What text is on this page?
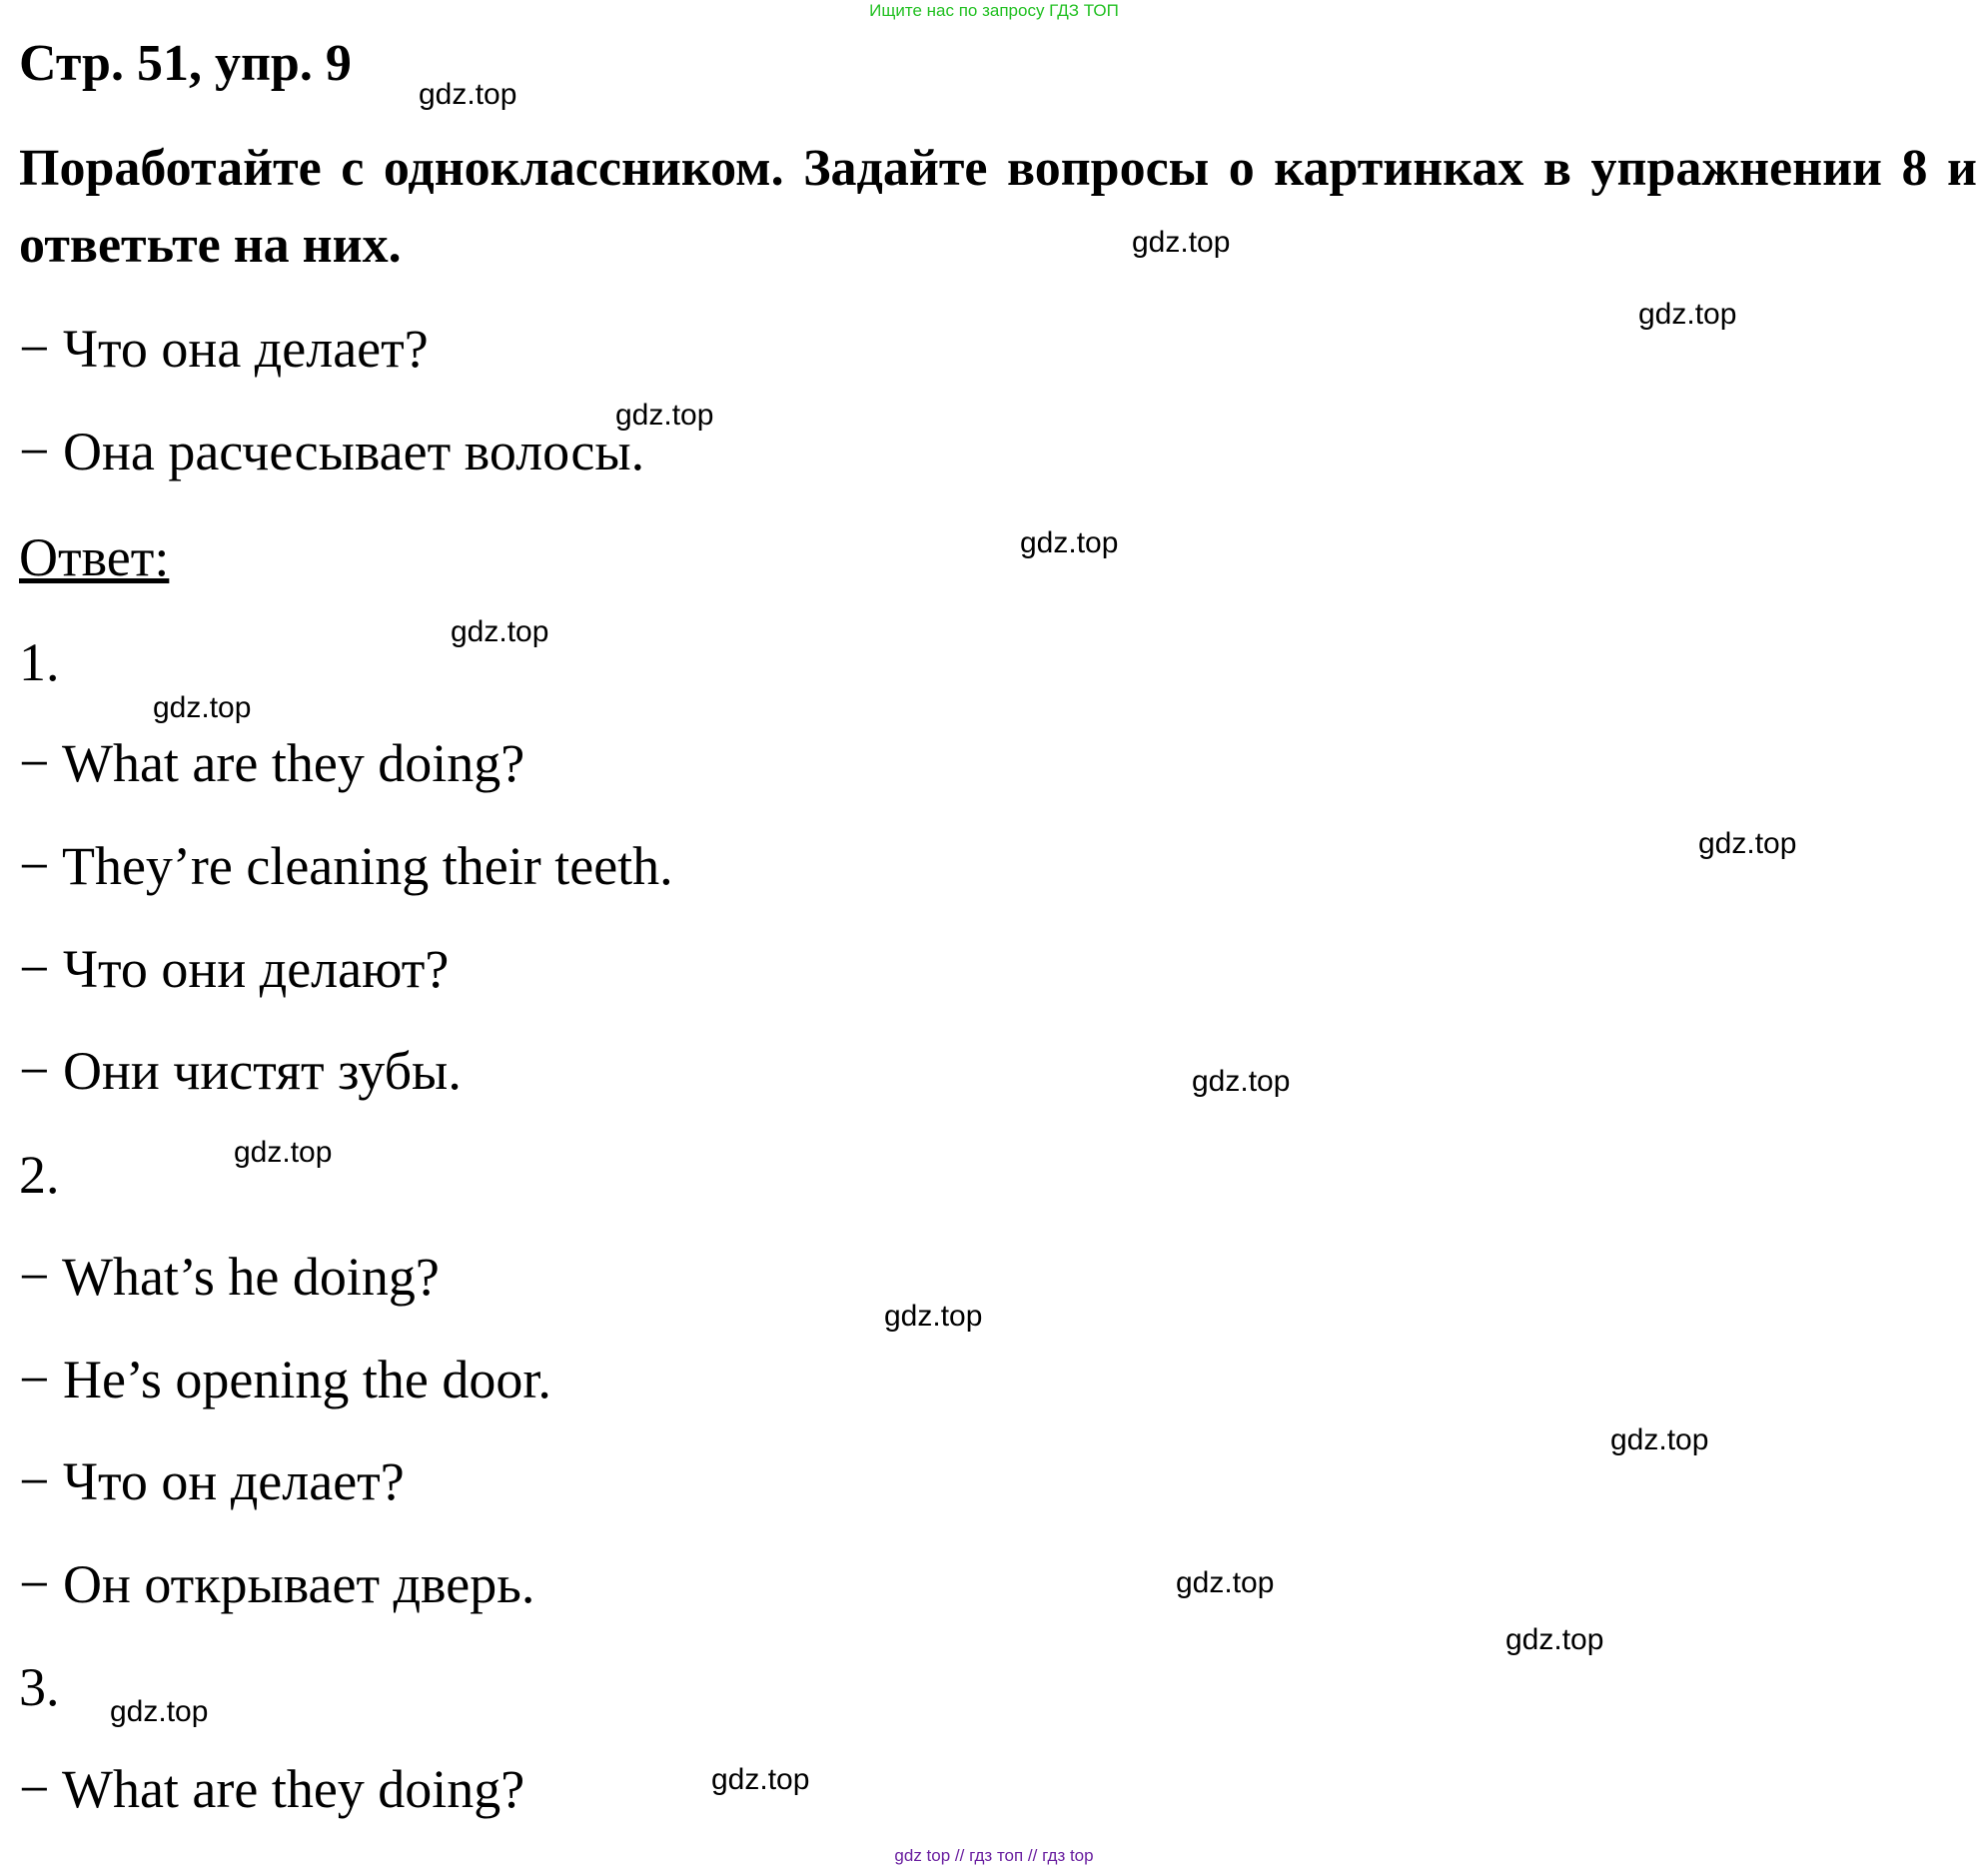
Ищите нас по запросу ГДЗ ТОП
Стр. 51, упр. 9

Поработайте с одноклассником. Задайте вопросы о картинках в упражнении 8 и ответьте на них.

− Что она делает?

− Она расчесывает волосы.

Ответ:

1.

− What are they doing?

− They’re cleaning their teeth.

− Что они делают?

− Они чистят зубы.

2.

− What’s he doing?

− He’s opening the door.

− Что он делает?

− Он открывает дверь.

3.

− What are they doing?

gdz.top
gdz.top
gdz.top
gdz.top
gdz.top
gdz.top
gdz.top
gdz.top
gdz.top
gdz.top
gdz.top
gdz.top
gdz.top
gdz.top
gdz.top
gdz.top
gdz top // гдз топ // гдз top
